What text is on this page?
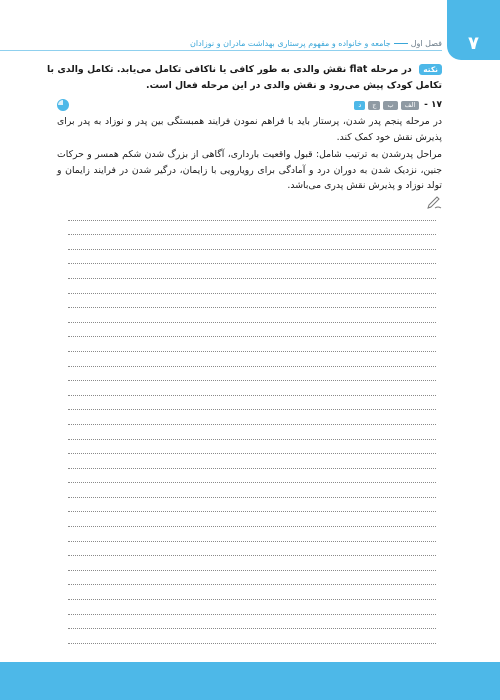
۷
فصل اولجامعه و خانواده و مفهوم پرستاری بهداشت مادران و نوزادان
نکته در مرحله flat نقش والدی به طور کافی یا ناکافی تکامل می‌یابد. تکامل والدی با تکامل کودک پیش می‌رود و نقش والدی در این مرحله فعال است.
۱۷ -
الف
ب
ج
د

در مرحله پنجم پدر شدن، پرستار باید با فراهم نمودن فرایند همبستگی بین پدر و نوزاد به پدر برای پذیرش نقش خود کمک کند.

مراحل پدرشدن به ترتیب شامل: قبول واقعیت بارداری، آگاهی از بزرگ شدن شکم همسر و حرکات جنین، نزدیک شدن به دوران درد و آمادگی برای رویارویی با زایمان، درگیر شدن در فرایند زایمان و تولد نوزاد و پذیرش نقش پدری می‌باشد.
